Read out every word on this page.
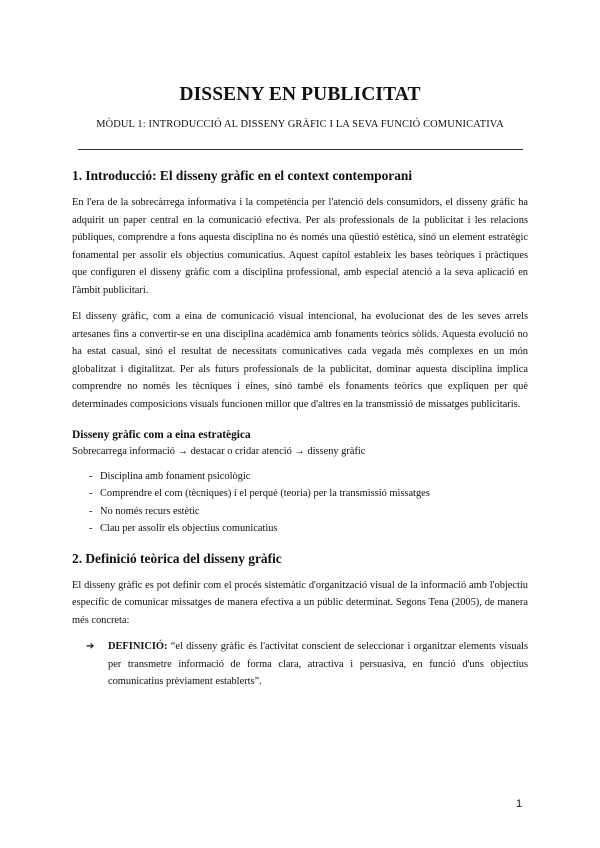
DISSENY EN PUBLICITAT
MÒDUL 1: INTRODUCCIÓ AL DISSENY GRÀFIC I LA SEVA FUNCIÓ COMUNICATIVA
1. Introducció: El disseny gràfic en el context contemporani

En l'era de la sobrecàrrega informativa i la competència per l'atenció dels consumidors, el disseny gràfic ha adquirit un paper central en la comunicació efectiva. Per als professionals de la publicitat i les relacions públiques, comprendre a fons aquesta disciplina no és només una qüestió estètica, sinó un element estratègic fonamental per assolir els objectius comunicatius. Aquest capítol estableix les bases teòriques i pràctiques que configuren el disseny gràfic com a disciplina professional, amb especial atenció a la seva aplicació en l'àmbit publicitari.

El disseny gràfic, com a eina de comunicació visual intencional, ha evolucionat des de les seves arrels artesanes fins a convertir-se en una disciplina acadèmica amb fonaments teòrics sòlids. Aquesta evolució no ha estat casual, sinó el resultat de necessitats comunicatives cada vegada més complexes en un món globalitzat i digitalitzat. Per als futurs professionals de la publicitat, dominar aquesta disciplina implica comprendre no només les tècniques i eines, sinó també els fonaments teòrics que expliquen per què determinades composicions visuals funcionen millor que d'altres en la transmissió de missatges publicitaris.

Disseny gràfic com a eina estratègica
Sobrecarrega informació → destacar o cridar atenció → disseny gràfic
- Disciplina amb fonament psicològic
- Comprendre el com (tècniques) i el perquè (teoria) per la transmissió missatges
- No només recurs estètic
- Clau per assolir els objectius comunicatius
2. Definició teòrica del disseny gràfic

El disseny gràfic es pot definir com el procés sistemàtic d'organització visual de la informació amb l'objectiu específic de comunicar missatges de manera efectiva a un públic determinat. Segons Tena (2005), de manera més concreta:

➔ DEFINICIÓ: “el disseny gràfic és l'activitat conscient de seleccionar i organitzar elements visuals per transmetre informació de forma clara, atractiva i persuasiva, en funció d'uns objectius comunicatius prèviament establerts”.
1
